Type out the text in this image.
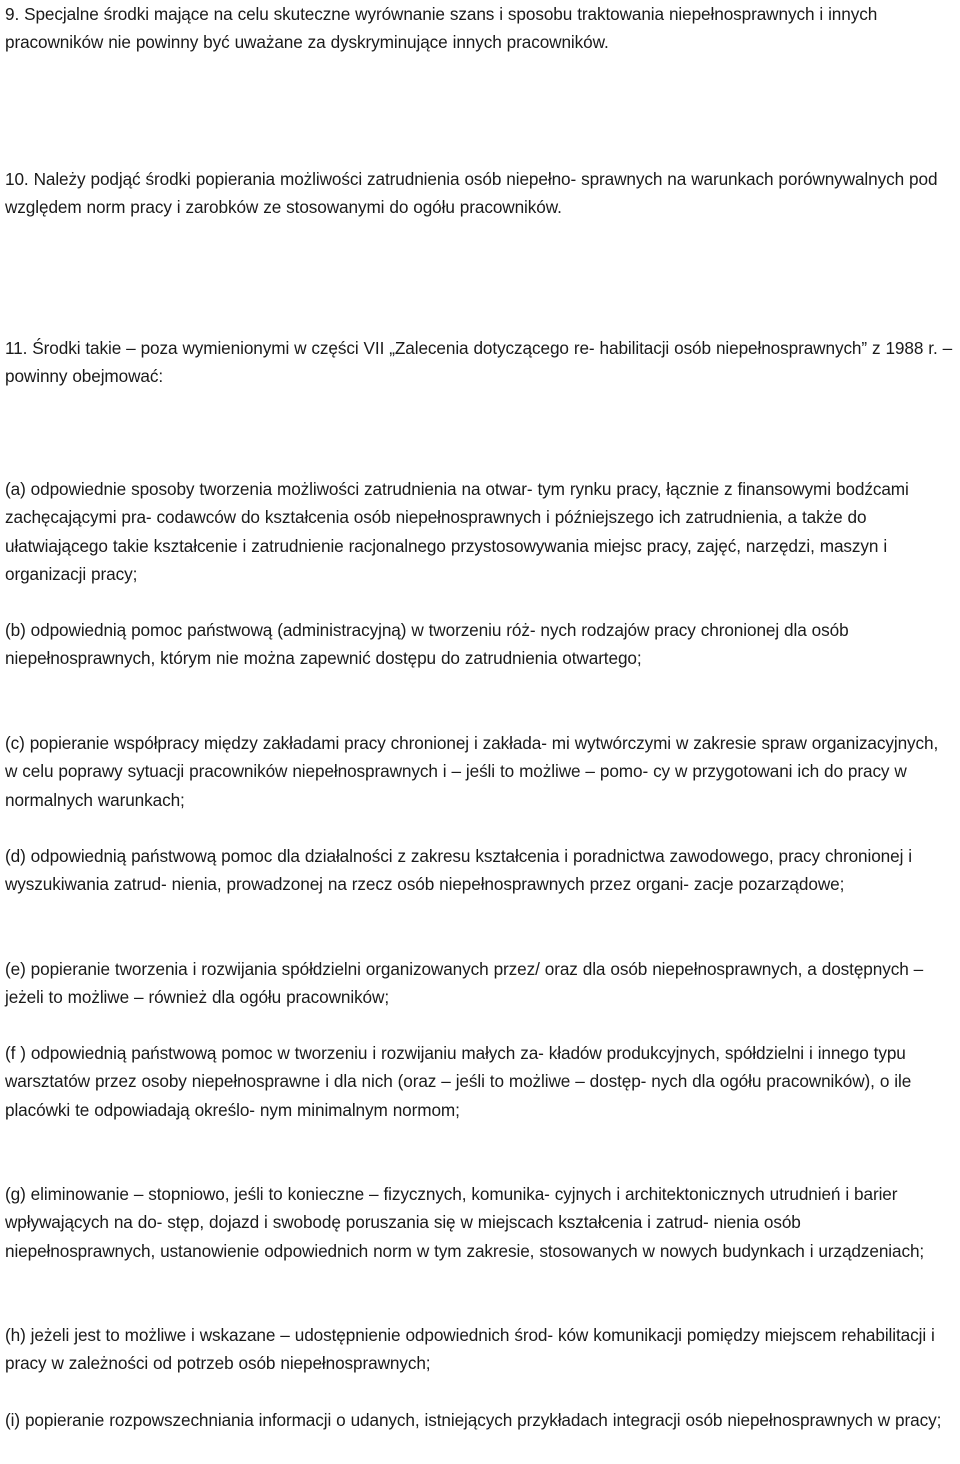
9. Specjalne środki mające na celu skuteczne wyrównanie szans i sposobu traktowania niepełnosprawnych i innych pracowników nie powinny być uważane za dyskryminujące innych pracowników.

10. Należy podjąć środki popierania możliwości zatrudnienia osób niepełno- sprawnych na warunkach porównywalnych pod względem norm pracy i zarobków ze stosowanymi do ogółu pracowników.

11. Środki takie – poza wymienionymi w części VII „Zalecenia dotyczącego re- habilitacji osób niepełnosprawnych” z 1988 r. – powinny obejmować:

(a) odpowiednie sposoby tworzenia możliwości zatrudnienia na otwar- tym rynku pracy, łącznie z finansowymi bodźcami zachęcającymi pra- codawców do kształcenia osób niepełnosprawnych i późniejszego ich zatrudnienia, a także do ułatwiającego takie kształcenie i zatrudnienie racjonalnego przystosowywania miejsc pracy, zajęć, narzędzi, maszyn i organizacji pracy;

(b) odpowiednią pomoc państwową (administracyjną) w tworzeniu róż- nych rodzajów pracy chronionej dla osób niepełnosprawnych, którym nie można zapewnić dostępu do zatrudnienia otwartego;

(c) popieranie współpracy między zakładami pracy chronionej i zakłada- mi wytwórczymi w zakresie spraw organizacyjnych, w celu poprawy sytuacji pracowników niepełnosprawnych i – jeśli to możliwe – pomo- cy w przygotowani ich do pracy w normalnych warunkach;

(d) odpowiednią państwową pomoc dla działalności z zakresu kształcenia i poradnictwa zawodowego, pracy chronionej i wyszukiwania zatrud- nienia, prowadzonej na rzecz osób niepełnosprawnych przez organi- zacje pozarządowe;

(e) popieranie tworzenia i rozwijania spółdzielni organizowanych przez/ oraz dla osób niepełnosprawnych, a dostępnych – jeżeli to możliwe – również dla ogółu pracowników;

(f ) odpowiednią państwową pomoc w tworzeniu i rozwijaniu małych za- kładów produkcyjnych, spółdzielni i innego typu warsztatów przez osoby niepełnosprawne i dla nich (oraz – jeśli to możliwe – dostęp- nych dla ogółu pracowników), o ile placówki te odpowiadają określo- nym minimalnym normom;

(g) eliminowanie – stopniowo, jeśli to konieczne – fizycznych, komunika- cyjnych i architektonicznych utrudnień i barier wpływających na do- stęp, dojazd i swobodę poruszania się w miejscach kształcenia i zatrud- nienia osób niepełnosprawnych, ustanowienie odpowiednich norm w tym zakresie, stosowanych w nowych budynkach i urządzeniach;

(h) jeżeli jest to możliwe i wskazane – udostępnienie odpowiednich środ- ków komunikacji pomiędzy miejscem rehabilitacji i pracy w zależności od potrzeb osób niepełnosprawnych;

(i) popieranie rozpowszechniania informacji o udanych, istniejących przykładach integracji osób niepełnosprawnych w pracy;
